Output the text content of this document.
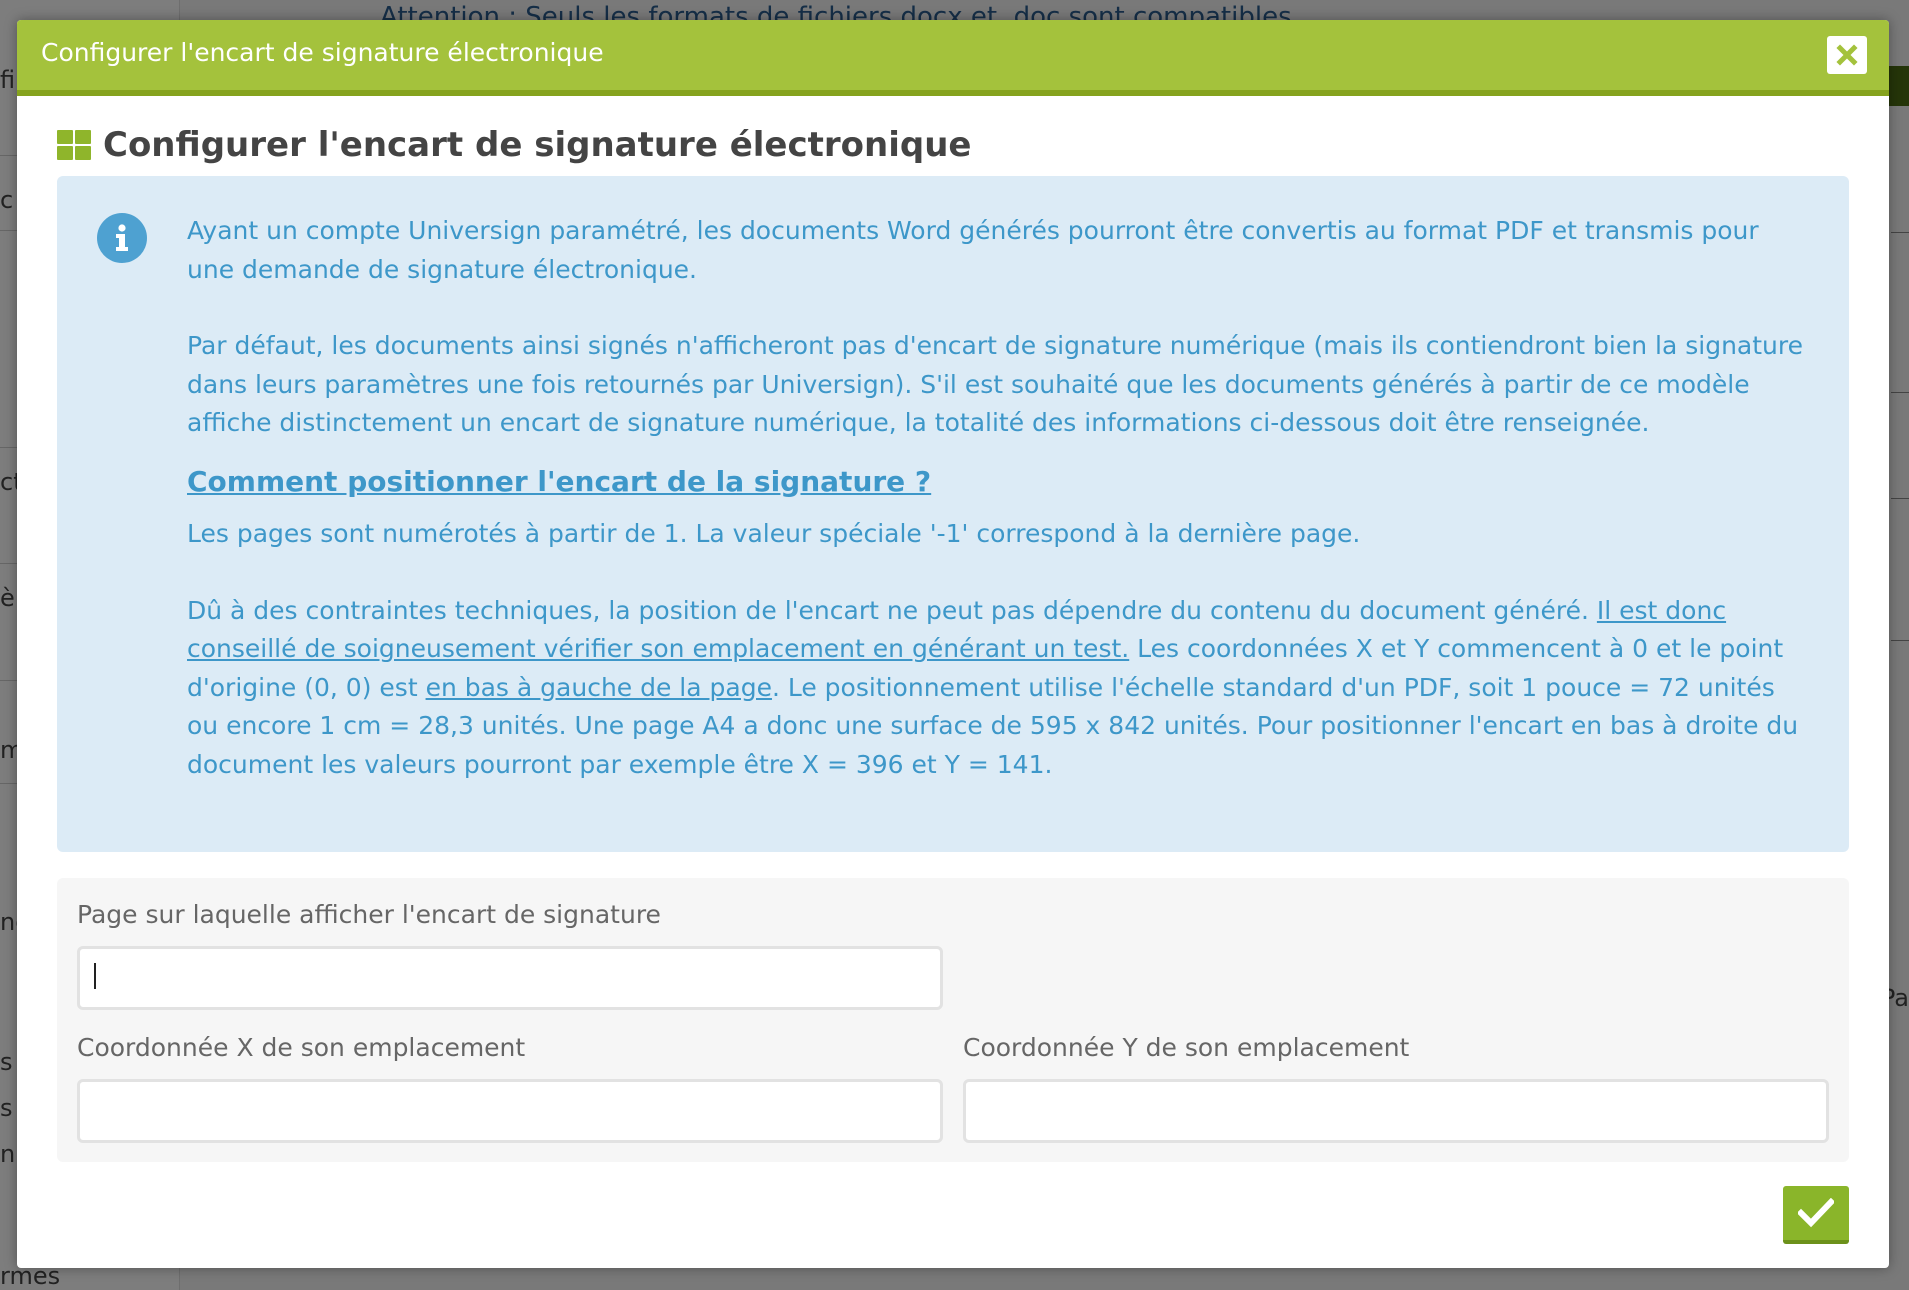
Configurer l'encart de signature électronique
Configurer l'encart de signature électronique

Ayant un compte Universign paramétré, les documents Word générés pourront être convertis au format PDF et transmis pour une demande de signature électronique.

Par défaut, les documents ainsi signés n'afficheront pas d'encart de signature numérique (mais ils contiendront bien la signature dans leurs paramètres une fois retournés par Universign). S'il est souhaité que les documents générés à partir de ce modèle affiche distinctement un encart de signature numérique, la totalité des informations ci-dessous doit être renseignée.

Comment positionner l'encart de la signature ?

Les pages sont numérotés à partir de 1. La valeur spéciale '-1' correspond à la dernière page.

Dû à des contraintes techniques, la position de l'encart ne peut pas dépendre du contenu du document généré. Il est donc conseillé de soigneusement vérifier son emplacement en générant un test. Les coordonnées X et Y commencent à 0 et le point d'origine (0, 0) est en bas à gauche de la page. Le positionnement utilise l'échelle standard d'un PDF, soit 1 pouce = 72 unités ou encore 1 cm = 28,3 unités. Une page A4 a donc une surface de 595 x 842 unités. Pour positionner l'encart en bas à droite du document les valeurs pourront par exemple être X = 396 et Y = 141.

Page sur laquelle afficher l'encart de signature
Coordonnée X de son emplacement	Coordonnée Y de son emplacement
